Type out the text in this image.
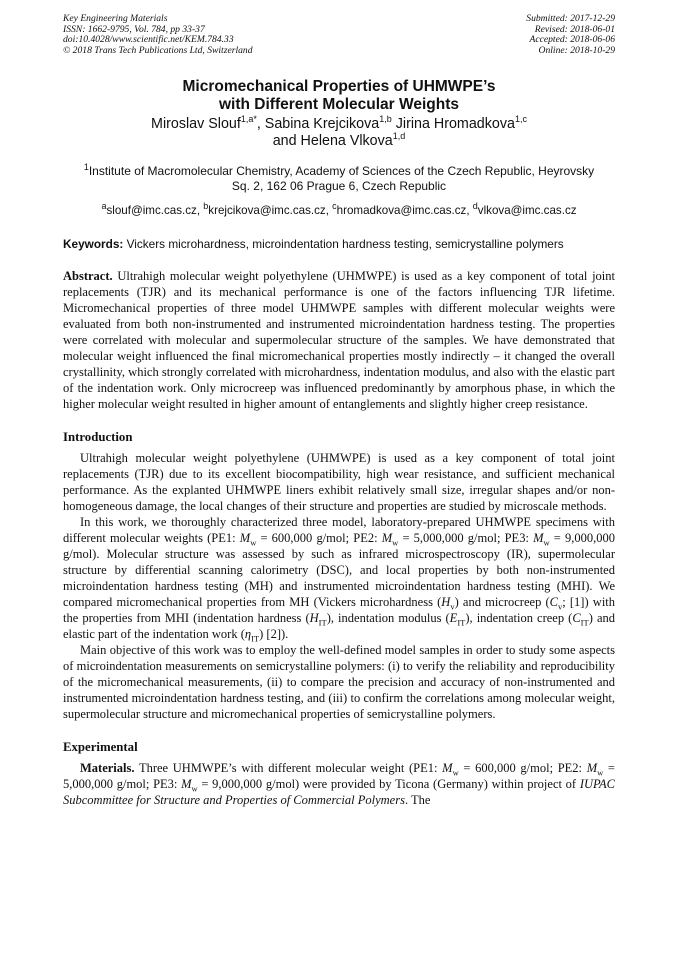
Key Engineering Materials
ISSN: 1662-9795, Vol. 784, pp 33-37
doi:10.4028/www.scientific.net/KEM.784.33
© 2018 Trans Tech Publications Ltd, Switzerland
Submitted: 2017-12-29
Revised: 2018-06-01
Accepted: 2018-06-06
Online: 2018-10-29
Micromechanical Properties of UHMWPE’s
with Different Molecular Weights
Miroslav Slouf$^{1,a*}$, Sabina Krejcikova$^{1,b}$ Jirina Hromadkova$^{1,c}$
and Helena Vlkova$^{1,d}$
$^1$Institute of Macromolecular Chemistry, Academy of Sciences of the Czech Republic, Heyrovsky
Sq. 2, 162 06 Prague 6, Czech Republic
$^a$slouf@imc.cas.cz, $^b$krejcikova@imc.cas.cz, $^c$hromadkova@imc.cas.cz, $^d$vlkova@imc.cas.cz
Keywords: Vickers microhardness, microindentation hardness testing, semicrystalline polymers

Abstract. Ultrahigh molecular weight polyethylene (UHMWPE) is used as a key component of total joint replacements (TJR) and its mechanical performance is one of the factors influencing TJR lifetime. Micromechanical properties of three model UHMWPE samples with different molecular weights were evaluated from both non-instrumented and instrumented microindentation hardness testing. The properties were correlated with molecular and supermolecular structure of the samples. We have demonstrated that molecular weight influenced the final micromechanical properties mostly indirectly – it changed the overall crystallinity, which strongly correlated with microhardness, indentation modulus, and also with the elastic part of the indentation work. Only microcreep was influenced predominantly by amorphous phase, in which the higher molecular weight resulted in higher amount of entanglements and slightly higher creep resistance.

Introduction

Ultrahigh molecular weight polyethylene (UHMWPE) is used as a key component of total joint replacements (TJR) due to its excellent biocompatibility, high wear resistance, and sufficient mechanical performance. As the explanted UHMWPE liners exhibit relatively small size, irregular shapes and/or non-homogeneous damage, the local changes of their structure and properties are studied by microscale methods.

In this work, we thoroughly characterized three model, laboratory-prepared UHMWPE specimens with different molecular weights (PE1: $M_w = 600,000$ g/mol; PE2: $M_w = 5,000,000$ g/mol; PE3: $M_w = 9,000,000$ g/mol). Molecular structure was assessed by such as infrared microspectroscopy (IR), supermolecular structure by differential scanning calorimetry (DSC), and local properties by both non-instrumented microindentation hardness testing (MH) and instrumented microindentation hardness testing (MHI). We compared micromechanical properties from MH (Vickers microhardness $(H_v)$ and microcreep ($C_v$; [1]) with the properties from MHI (indentation hardness $(H_{IT})$, indentation modulus $(E_{IT})$, indentation creep $(C_{IT})$ and elastic part of the indentation work $(\eta_{IT})$ [2]).

Main objective of this work was to employ the well-defined model samples in order to study some aspects of microindentation measurements on semicrystalline polymers: (i) to verify the reliability and reproducibility of the micromechanical measurements, (ii) to compare the precision and accuracy of non-instrumented and instrumented microindentation hardness testing, and (iii) to confirm the correlations among molecular weight, supermolecular structure and micromechanical properties of semicrystalline polymers.

Experimental

Materials. Three UHMWPE’s with different molecular weight (PE1: $M_w = 600,000$ g/mol; PE2: $M_w = 5,000,000$ g/mol; PE3: $M_w = 9,000,000$ g/mol) were provided by Ticona (Germany) within project of IUPAC Subcommittee for Structure and Properties of Commercial Polymers. The
